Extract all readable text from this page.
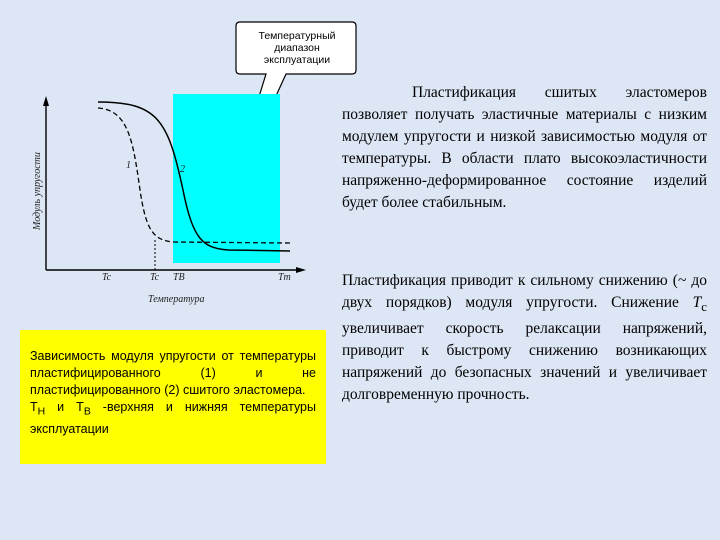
Температурный
диапазон
эксплуатации
1	2
Tc	Tc TB	Tт
Температура
Модуль упругости
Зависимость модуля упругости от температуры пластифицированного (1) и не пластифицированного (2) сшитого эластомера.
$Т_Н$ и $Т_В$ -верхняя и нижняя температуры эксплуатации
Пластификация сшитых эластомеров позволяет получать эластичные материалы с низким модулем упругости и низкой зависимостью модуля от температуры. В области плато высокоэластичности напряженно-деформированное состояние изделий будет более стабильным.
Пластификация приводит к сильному снижению (~ до двух порядков) модуля упругости. Снижение $T_c$ увеличивает скорость релаксации напряжений, приводит к быстрому снижению возникающих напряжений до безопасных значений и увеличивает долговременную прочность.
